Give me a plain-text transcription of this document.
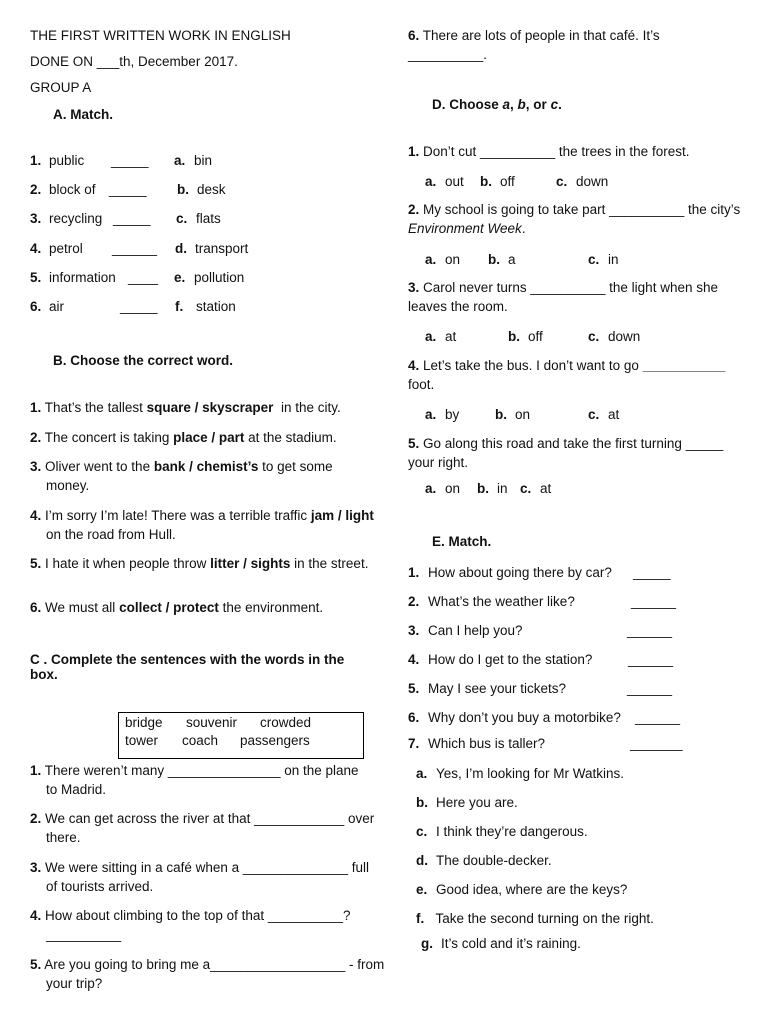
THE FIRST WRITTEN WORK IN ENGLISH
DONE ON ___th, December 2017.
GROUP A
A. Match.
1. public _____ a. bin
2. block of _____ b. desk
3. recycling _____ c. flats
4. petrol ______ d. transport
5. information ____ e. pollution
6. air	_____ f. station
B. Choose the correct word.
1. That’s the tallest square / skyscraper  in the city.
2. The concert is taking place / part at the stadium.
3. Oliver went to the bank / chemist’s to get some money.
4. I’m sorry I’m late! There was a terrible traffic jam / light on the road from Hull.
5. I hate it when people throw litter / sights in the street.
6. We must all collect / protect the environment.
C . Complete the sentences with the words in the box.
bridge souvenir crowded
tower coach passengers
1. There weren’t many _______________ on the plane to Madrid.
2. We can get across the river at that ____________ over there.
3. We were sitting in a café when a ______________ full of tourists arrived.
4. How about climbing to the top of that __________?__________
5. Are you going to bring me a__________________ - from your trip?
6. There are lots of people in that café. It’s __________.
D. Choose a, b, or c.
1. Don’t cut __________ the trees in the forest.
a. out b. off	c. down
2. My school is going to take part __________ the city’s Environment Week.
a. on b. a	c. in
3. Carol never turns __________ the light when she leaves the room.
a. at	b. off	c. down
4. Let’s take the bus. I don’t want to go ___________ foot.
a. by	b. on	c. at
5. Go along this road and take the first turning _____ your right.
a. on b. in c. at
E. Match.
1. How about going there by car? _____
2. What’s the weather like?	______
3. Can I help you?	______
4. How do I get to the station?	______
5. May I see your tickets?	______
6. Why don’t you buy a motorbike? ______
7. Which bus is taller?	_______
a. Yes, I’m looking for Mr Watkins.
b. Here you are.
c. I think they’re dangerous.
d. The double-decker.
e. Good idea, where are the keys?
f. Take the second turning on the right.
g. It’s cold and it’s raining.
